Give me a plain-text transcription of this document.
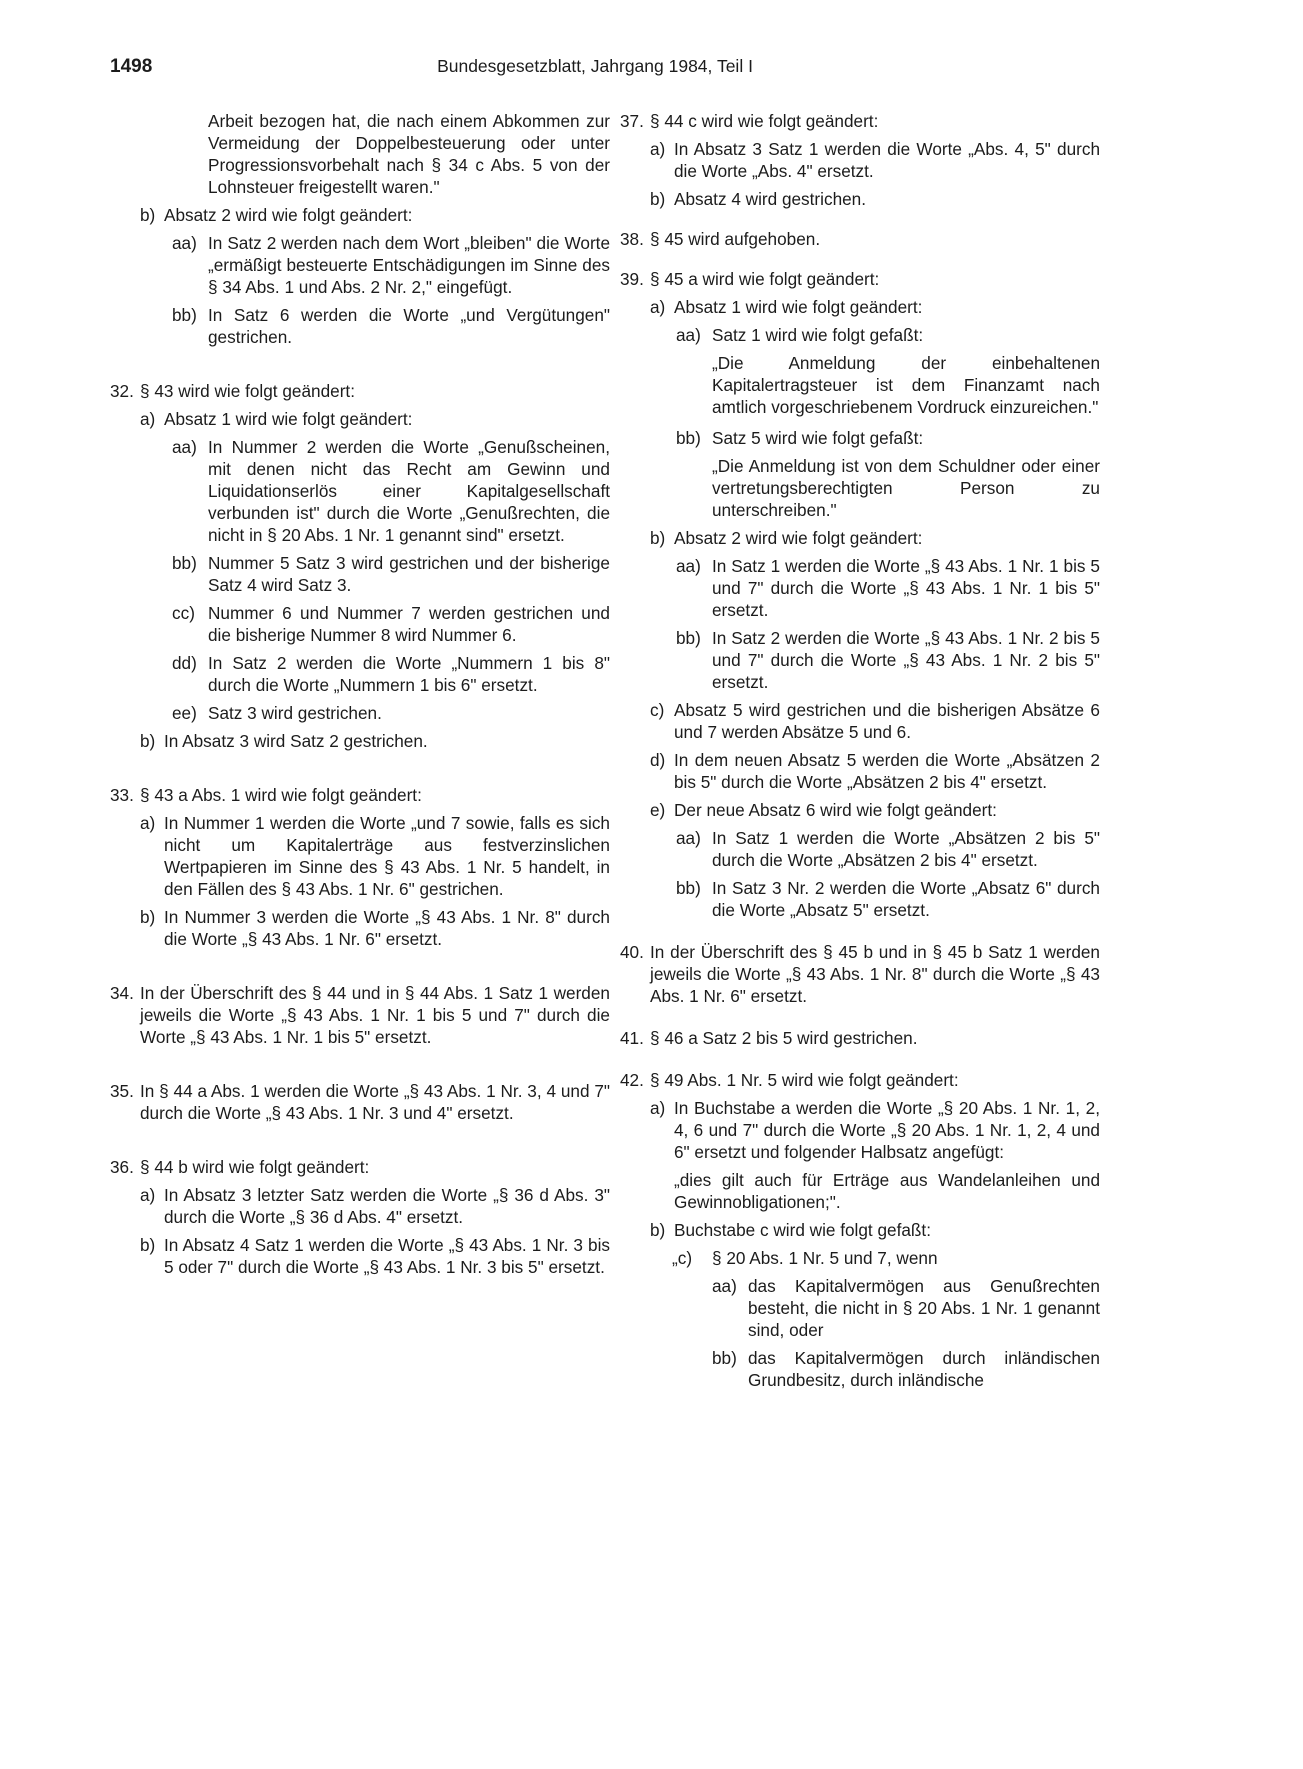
1498	Bundesgesetzblatt, Jahrgang 1984, Teil I
Arbeit bezogen hat, die nach einem Abkommen zur Vermeidung der Doppelbesteuerung oder unter Progressionsvorbehalt nach § 34 c Abs. 5 von der Lohnsteuer freigestellt waren."
b) Absatz 2 wird wie folgt geändert:
aa) In Satz 2 werden nach dem Wort „bleiben" die Worte „ermäßigt besteuerte Entschädigungen im Sinne des § 34 Abs. 1 und Abs. 2 Nr. 2," eingefügt.
bb) In Satz 6 werden die Worte „und Vergütungen" gestrichen.
32. § 43 wird wie folgt geändert:
a) Absatz 1 wird wie folgt geändert:
aa) In Nummer 2 werden die Worte „Genußscheinen, mit denen nicht das Recht am Gewinn und Liquidationserlös einer Kapitalgesellschaft verbunden ist" durch die Worte „Genußrechten, die nicht in § 20 Abs. 1 Nr. 1 genannt sind" ersetzt.
bb) Nummer 5 Satz 3 wird gestrichen und der bisherige Satz 4 wird Satz 3.
cc) Nummer 6 und Nummer 7 werden gestrichen und die bisherige Nummer 8 wird Nummer 6.
dd) In Satz 2 werden die Worte „Nummern 1 bis 8" durch die Worte „Nummern 1 bis 6" ersetzt.
ee) Satz 3 wird gestrichen.
b) In Absatz 3 wird Satz 2 gestrichen.
33. § 43 a Abs. 1 wird wie folgt geändert:
a) In Nummer 1 werden die Worte „und 7 sowie, falls es sich nicht um Kapitalerträge aus festverzinslichen Wertpapieren im Sinne des § 43 Abs. 1 Nr. 5 handelt, in den Fällen des § 43 Abs. 1 Nr. 6" gestrichen.
b) In Nummer 3 werden die Worte „§ 43 Abs. 1 Nr. 8" durch die Worte „§ 43 Abs. 1 Nr. 6" ersetzt.
34. In der Überschrift des § 44 und in § 44 Abs. 1 Satz 1 werden jeweils die Worte „§ 43 Abs. 1 Nr. 1 bis 5 und 7" durch die Worte „§ 43 Abs. 1 Nr. 1 bis 5" ersetzt.
35. In § 44 a Abs. 1 werden die Worte „§ 43 Abs. 1 Nr. 3, 4 und 7" durch die Worte „§ 43 Abs. 1 Nr. 3 und 4" ersetzt.
36. § 44 b wird wie folgt geändert:
a) In Absatz 3 letzter Satz werden die Worte „§ 36 d Abs. 3" durch die Worte „§ 36 d Abs. 4" ersetzt.
b) In Absatz 4 Satz 1 werden die Worte „§ 43 Abs. 1 Nr. 3 bis 5 oder 7" durch die Worte „§ 43 Abs. 1 Nr. 3 bis 5" ersetzt.
37. § 44 c wird wie folgt geändert:
a) In Absatz 3 Satz 1 werden die Worte „Abs. 4, 5" durch die Worte „Abs. 4" ersetzt.
b) Absatz 4 wird gestrichen.
38. § 45 wird aufgehoben.
39. § 45 a wird wie folgt geändert:
a) Absatz 1 wird wie folgt geändert:
aa) Satz 1 wird wie folgt gefaßt:
„Die Anmeldung der einbehaltenen Kapitalertragsteuer ist dem Finanzamt nach amtlich vorgeschriebenem Vordruck einzureichen."
bb) Satz 5 wird wie folgt gefaßt:
„Die Anmeldung ist von dem Schuldner oder einer vertretungsberechtigten Person zu unterschreiben."
b) Absatz 2 wird wie folgt geändert:
aa) In Satz 1 werden die Worte „§ 43 Abs. 1 Nr. 1 bis 5 und 7" durch die Worte „§ 43 Abs. 1 Nr. 1 bis 5" ersetzt.
bb) In Satz 2 werden die Worte „§ 43 Abs. 1 Nr. 2 bis 5 und 7" durch die Worte „§ 43 Abs. 1 Nr. 2 bis 5" ersetzt.
c) Absatz 5 wird gestrichen und die bisherigen Absätze 6 und 7 werden Absätze 5 und 6.
d) In dem neuen Absatz 5 werden die Worte „Absätzen 2 bis 5" durch die Worte „Absätzen 2 bis 4" ersetzt.
e) Der neue Absatz 6 wird wie folgt geändert:
aa) In Satz 1 werden die Worte „Absätzen 2 bis 5" durch die Worte „Absätzen 2 bis 4" ersetzt.
bb) In Satz 3 Nr. 2 werden die Worte „Absatz 6" durch die Worte „Absatz 5" ersetzt.
40. In der Überschrift des § 45 b und in § 45 b Satz 1 werden jeweils die Worte „§ 43 Abs. 1 Nr. 8" durch die Worte „§ 43 Abs. 1 Nr. 6" ersetzt.
41. § 46 a Satz 2 bis 5 wird gestrichen.
42. § 49 Abs. 1 Nr. 5 wird wie folgt geändert:
a) In Buchstabe a werden die Worte „§ 20 Abs. 1 Nr. 1, 2, 4, 6 und 7" durch die Worte „§ 20 Abs. 1 Nr. 1, 2, 4 und 6" ersetzt und folgender Halbsatz angefügt:
„dies gilt auch für Erträge aus Wandelanleihen und Gewinnobligationen;".
b) Buchstabe c wird wie folgt gefaßt:
„c)	§ 20 Abs. 1 Nr. 5 und 7, wenn
aa) das Kapitalvermögen aus Genußrechten besteht, die nicht in § 20 Abs. 1 Nr. 1 genannt sind, oder
bb) das Kapitalvermögen durch inländischen Grundbesitz, durch inländische
